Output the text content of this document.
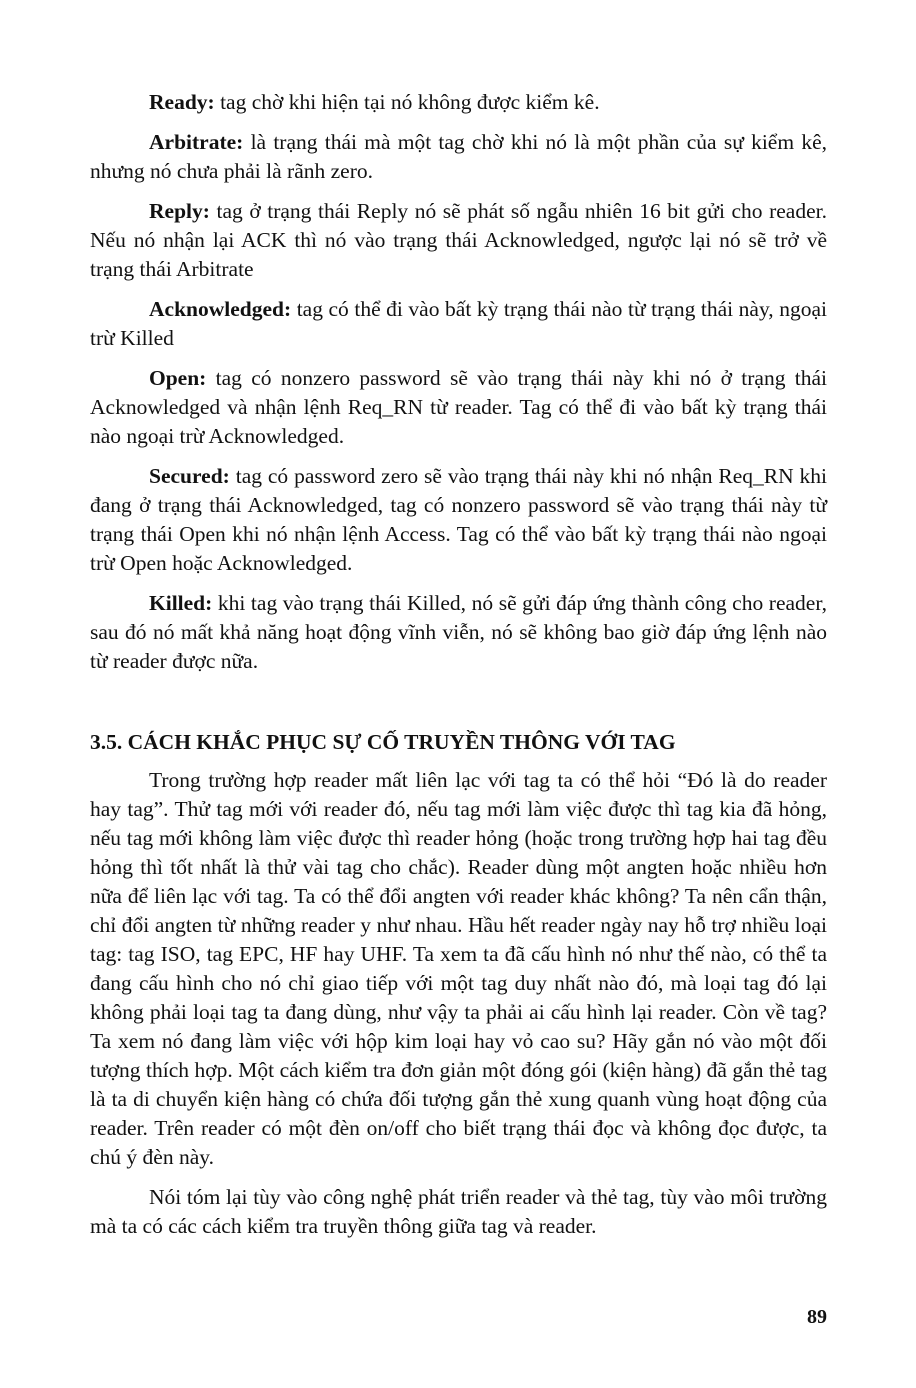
Ready: tag chờ khi hiện tại nó không được kiểm kê.

Arbitrate: là trạng thái mà một tag chờ khi nó là một phần của sự kiểm kê, nhưng nó chưa phải là rãnh zero.

Reply: tag ở trạng thái Reply nó sẽ phát số ngẫu nhiên 16 bit gửi cho reader. Nếu nó nhận lại ACK thì nó vào trạng thái Acknowledged, ngược lại nó sẽ trở về trạng thái Arbitrate

Acknowledged: tag có thể đi vào bất kỳ trạng thái nào từ trạng thái này, ngoại trừ Killed

Open: tag có nonzero password sẽ vào trạng thái này khi nó ở trạng thái Acknowledged và nhận lệnh Req_RN từ reader. Tag có thể đi vào bất kỳ trạng thái nào ngoại trừ Acknowledged.

Secured: tag có password zero sẽ vào trạng thái này khi nó nhận Req_RN khi đang ở trạng thái Acknowledged, tag có nonzero password sẽ vào trạng thái này từ trạng thái Open khi nó nhận lệnh Access. Tag có thể vào bất kỳ trạng thái nào ngoại trừ Open hoặc Acknowledged.

Killed: khi tag vào trạng thái Killed, nó sẽ gửi đáp ứng thành công cho reader, sau đó nó mất khả năng hoạt động vĩnh viễn, nó sẽ không bao giờ đáp ứng lệnh nào từ reader được nữa.

3.5. CÁCH KHẮC PHỤC SỰ CỐ TRUYỀN THÔNG VỚI TAG

Trong trường hợp reader mất liên lạc với tag ta có thể hỏi “Đó là do reader hay tag”. Thử tag mới với reader đó, nếu tag mới làm việc được thì tag kia đã hỏng, nếu tag mới không làm việc được thì reader hỏng (hoặc trong trường hợp hai tag đều hỏng thì tốt nhất là thử vài tag cho chắc). Reader dùng một angten hoặc nhiều hơn nữa để liên lạc với tag. Ta có thể đổi angten với reader khác không? Ta nên cẩn thận, chỉ đổi angten từ những reader y như nhau. Hầu hết reader ngày nay hỗ trợ nhiều loại tag: tag ISO, tag EPC, HF hay UHF. Ta xem ta đã cấu hình nó như thế nào, có thể ta đang cấu hình cho nó chỉ giao tiếp với một tag duy nhất nào đó, mà loại tag đó lại không phải loại tag ta đang dùng, như vậy ta phải ai cấu hình lại reader. Còn về tag? Ta xem nó đang làm việc với hộp kim loại hay vỏ cao su? Hãy gắn nó vào một đối tượng thích hợp. Một cách kiểm tra đơn giản một đóng gói (kiện hàng) đã gắn thẻ tag là ta di chuyển kiện hàng có chứa đối tượng gắn thẻ xung quanh vùng hoạt động của reader. Trên reader có một đèn on/off cho biết trạng thái đọc và không đọc được, ta chú ý đèn này.

Nói tóm lại tùy vào công nghệ phát triển reader và thẻ tag, tùy vào môi trường mà ta có các cách kiểm tra truyền thông giữa tag và reader.

89
